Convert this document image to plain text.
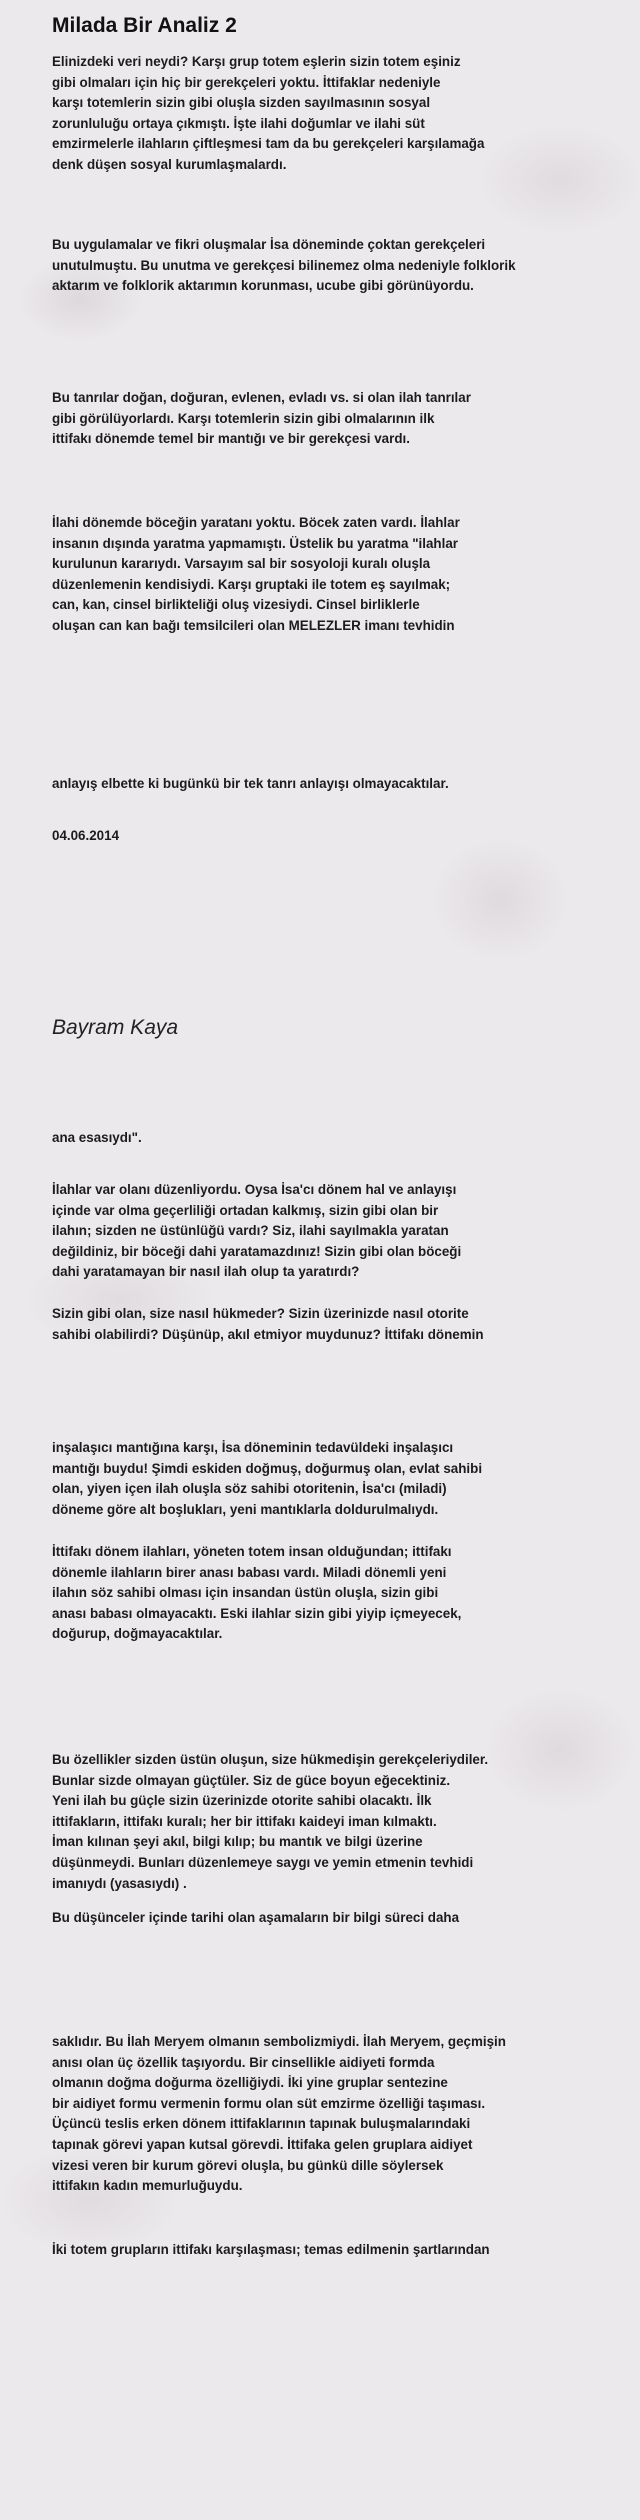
Milada Bir Analiz 2
Elinizdeki veri neydi? Karşı grup totem eşlerin sizin totem eşiniz
gibi olmaları için hiç bir gerekçeleri yoktu. İttifaklar nedeniyle
karşı totemlerin sizin gibi oluşla sizden sayılmasının sosyal
zorunluluğu ortaya çıkmıştı. İşte ilahi doğumlar ve ilahi süt
emzirmelerle ilahların çiftleşmesi tam da bu gerekçeleri karşılamağa
denk düşen sosyal kurumlaşmalardı.
Bu uygulamalar ve fikri oluşmalar İsa döneminde çoktan gerekçeleri
unutulmuştu. Bu unutma ve gerekçesi bilinemez olma nedeniyle folklorik
aktarım ve folklorik aktarımın korunması, ucube gibi görünüyordu.
Bu tanrılar doğan, doğuran, evlenen, evladı vs. si olan ilah tanrılar
gibi görülüyorlardı. Karşı totemlerin sizin gibi olmalarının ilk
ittifakı dönemde temel bir mantığı ve bir gerekçesi vardı.
İlahi dönemde böceğin yaratanı yoktu. Böcek zaten vardı. İlahlar
insanın dışında yaratma yapmamıştı. Üstelik bu yaratma "ilahlar
kurulunun kararıydı. Varsayım sal bir sosyoloji kuralı oluşla
düzenlemenin kendisiydi. Karşı gruptaki ile totem eş sayılmak;
can, kan, cinsel birlikteliği oluş vizesiydi. Cinsel birliklerle
oluşan can kan bağı temsilcileri olan MELEZLER imanı tevhidin
anlayış elbette ki bugünkü bir tek tanrı anlayışı olmayacaktılar.
04.06.2014
Bayram Kaya
ana esasıydı".
İlahlar var olanı düzenliyordu. Oysa İsa'cı dönem hal ve anlayışı
içinde var olma geçerliliği ortadan kalkmış, sizin gibi olan bir
ilahın; sizden ne üstünlüğü vardı? Siz, ilahi sayılmakla yaratan
değildiniz, bir böceği dahi yaratamazdınız! Sizin gibi olan böceği
dahi yaratamayan bir nasıl ilah olup ta yaratırdı?
Sizin gibi olan, size nasıl hükmeder? Sizin üzerinizde nasıl otorite
sahibi olabilirdi? Düşünüp, akıl etmiyor muydunuz? İttifakı dönemin
inşalaşıcı mantığına karşı, İsa döneminin tedavüldeki inşalaşıcı
mantığı buydu! Şimdi eskiden doğmuş, doğurmuş olan, evlat sahibi
olan, yiyen içen ilah oluşla söz sahibi otoritenin, İsa'cı (miladi)
döneme göre alt boşlukları, yeni mantıklarla doldurulmalıydı.
İttifakı dönem ilahları, yöneten totem insan olduğundan; ittifakı
dönemle ilahların birer anası babası vardı. Miladi dönemli yeni
ilahın söz sahibi olması için insandan üstün oluşla, sizin gibi
anası babası olmayacaktı. Eski ilahlar sizin gibi yiyip içmeyecek,
doğurup, doğmayacaktılar.
Bu özellikler sizden üstün oluşun, size hükmedişin gerekçeleriydiler.
Bunlar sizde olmayan güçtüler. Siz de güce boyun eğecektiniz.
Yeni ilah bu güçle sizin üzerinizde otorite sahibi olacaktı. İlk
ittifakların, ittifakı kuralı; her bir ittifakı kaideyi iman kılmaktı.
İman kılınan şeyi akıl, bilgi kılıp; bu mantık ve bilgi üzerine
düşünmeydi. Bunları düzenlemeye saygı ve yemin etmenin tevhidi
imanıydı (yasasıydı) .
Bu düşünceler içinde tarihi olan aşamaların bir bilgi süreci daha
saklıdır. Bu İlah Meryem olmanın sembolizmiydi. İlah Meryem, geçmişin
anısı olan üç özellik taşıyordu. Bir cinsellikle aidiyeti formda
olmanın doğma doğurma özelliğiydi. İki yine gruplar sentezine
bir aidiyet formu vermenin formu olan süt emzirme özelliği taşıması.
Üçüncü teslis erken dönem ittifaklarının tapınak buluşmalarındaki
tapınak görevi yapan kutsal görevdi. İttifaka gelen gruplara aidiyet
vizesi veren bir kurum görevi oluşla, bu günkü dille söylersek
ittifakın kadın memurluğuydu.
İki totem grupların ittifakı karşılaşması; temas edilmenin şartlarından
